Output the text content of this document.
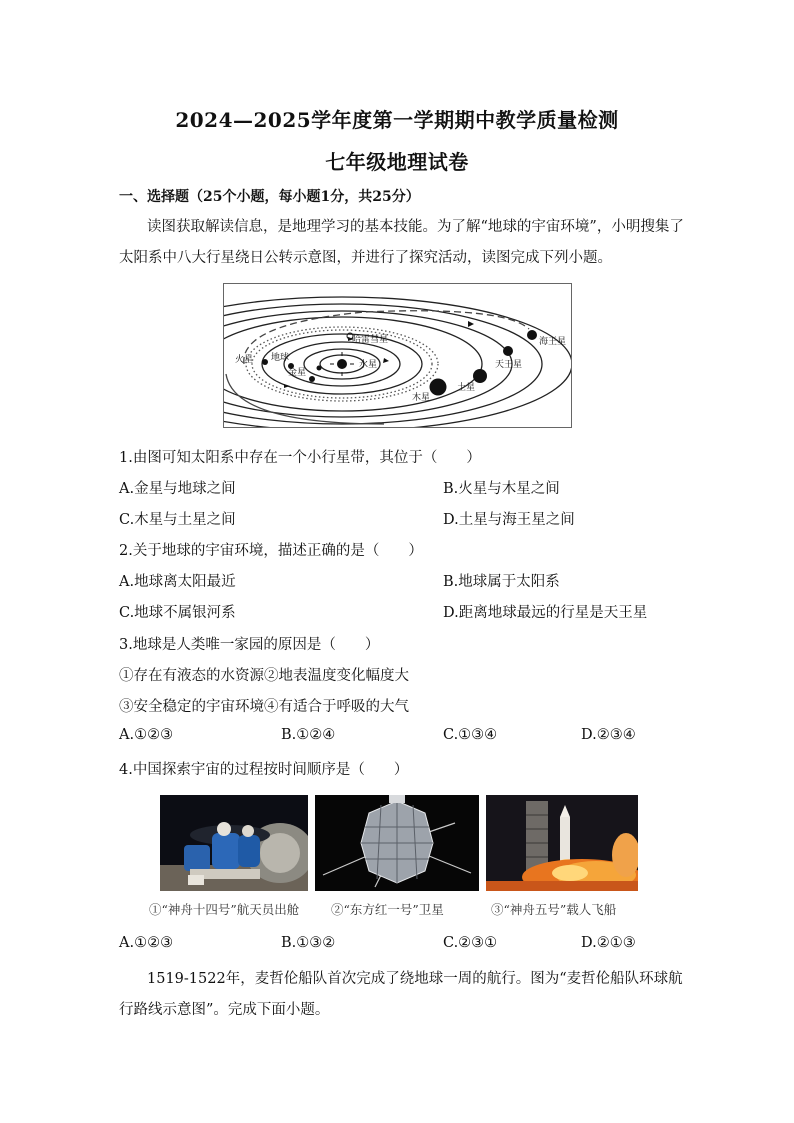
2024—2025学年度第一学期期中教学质量检测
七年级地理试卷
一、选择题（25个小题，每小题1分，共25分）
读图获取解读信息，是地理学习的基本技能。为了解“地球的宇宙环境”，小明搜集了
太阳系中八大行星绕日公转示意图，并进行了探究活动，读图完成下列小题。
哈雷彗星
火星 地球
金星
水星
木星
土星
天王星
海王星
1.由图可知太阳系中存在一个小行星带，其位于（　　）
A.金星与地球之间	B.火星与木星之间
C.木星与土星之间	D.土星与海王星之间
2.关于地球的宇宙环境，描述正确的是（　　）
A.地球离太阳最近	B.地球属于太阳系
C.地球不属银河系	D.距离地球最远的行星是天王星
3.地球是人类唯一家园的原因是（　　）
①存在有液态的水资源②地表温度变化幅度大
③安全稳定的宇宙环境④有适合于呼吸的大气
A.①②③	B.①②④	C.①③④	D.②③④
4.中国探索宇宙的过程按时间顺序是（　　）
①“神舟十四号”航天员出舱	②“东方红一号”卫星	③“神舟五号”载人飞船
A.①②③	B.①③②	C.②③①	D.②①③
1519-1522年，麦哲伦船队首次完成了绕地球一周的航行。图为“麦哲伦船队环球航
行路线示意图”。完成下面小题。
